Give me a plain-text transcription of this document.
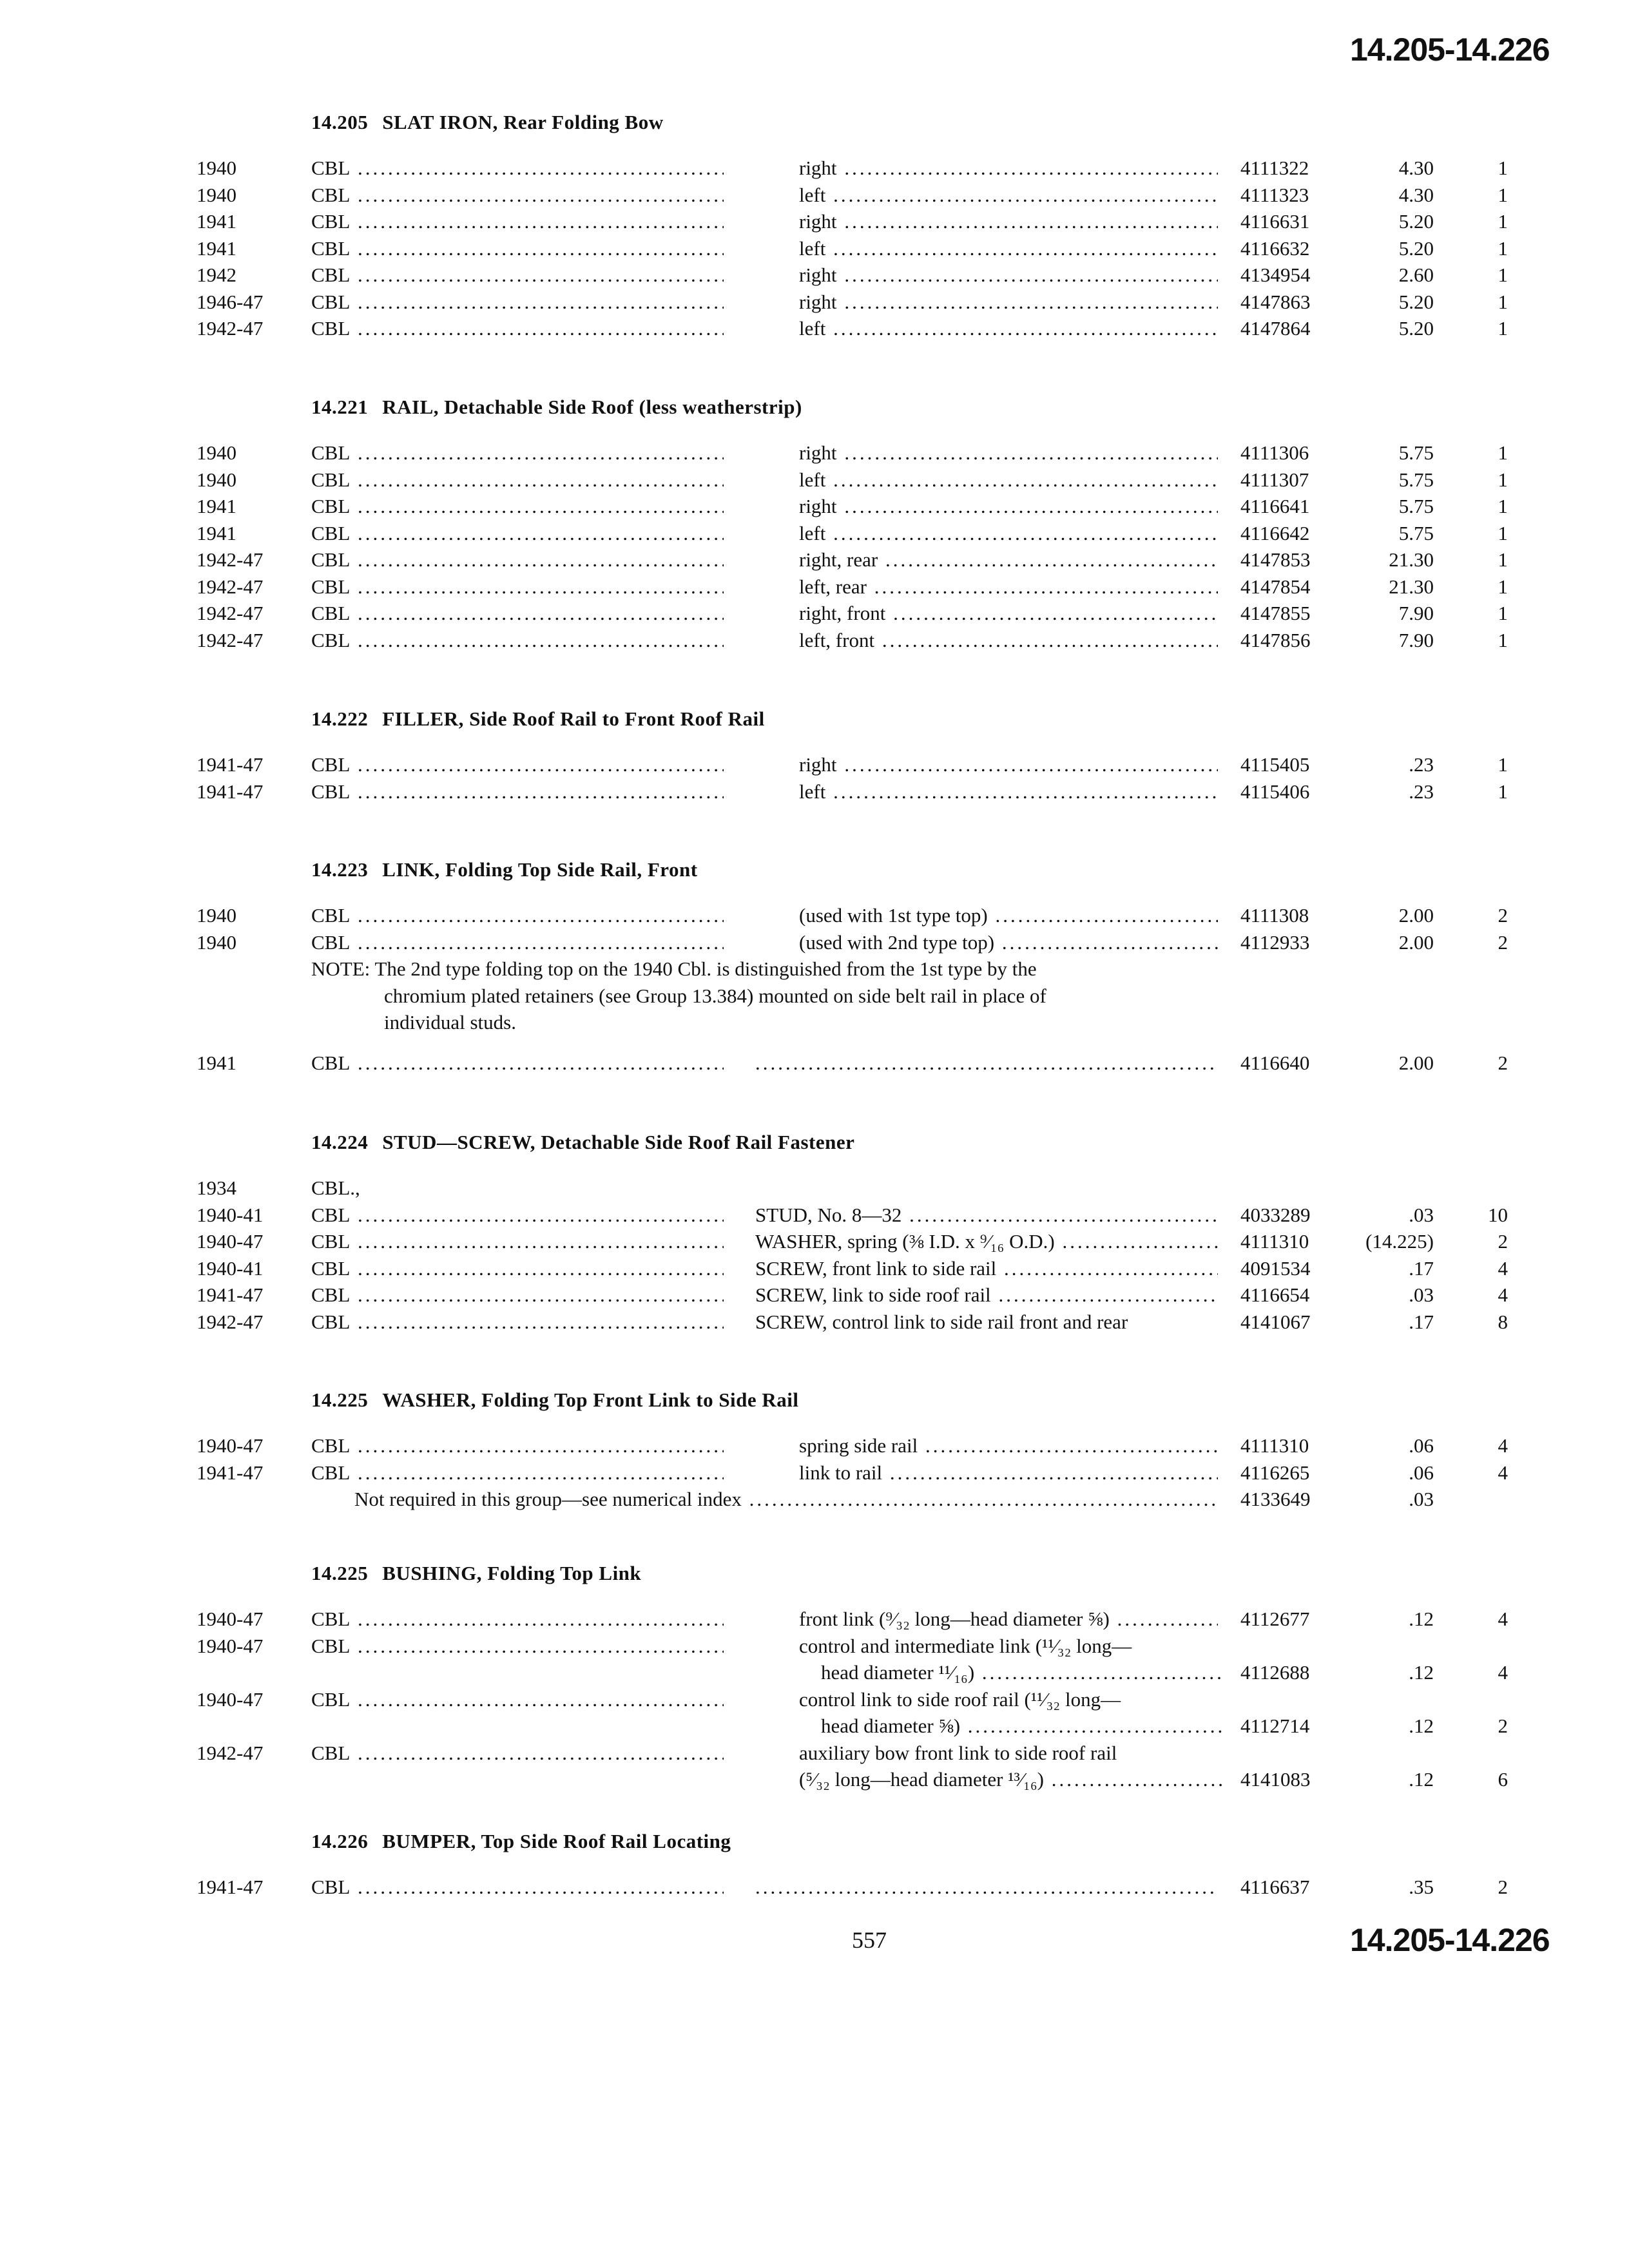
14.205-14.226
14.205 SLAT IRON, Rear Folding Bow
1940	CBL .....	right .....	4111322	4.30	1
1940	CBL .....	left .....	4111323	4.30	1
1941	CBL .....	right .....	4116631	5.20	1
1941	CBL .....	left .....	4116632	5.20	1
1942	CBL .....	right .....	4134954	2.60	1
1946-47 CBL .....	right .....	4147863	5.20	1
1942-47 CBL .....	left .....	4147864	5.20	1
14.221 RAIL, Detachable Side Roof (less weatherstrip)
1940	CBL .....	right .....	4111306	5.75	1
1940	CBL .....	left .....	4111307	5.75	1
1941	CBL .....	right .....	4116641	5.75	1
1941	CBL .....	left .....	4116642	5.75	1
1942-47 CBL .....	right, rear .....	4147853	21.30	1
1942-47 CBL .....	left, rear .....	4147854	21.30	1
1942-47 CBL .....	right, front .....	4147855	7.90	1
1942-47 CBL .....	left, front .....	4147856	7.90	1
14.222 FILLER, Side Roof Rail to Front Roof Rail
1941-47 CBL .....	right .....	4115405	.23	1
1941-47 CBL .....	left .....	4115406	.23	1
14.223 LINK, Folding Top Side Rail, Front
1940	CBL .....	(used with 1st type top) .....	4111308	2.00	2
1940	CBL .....	(used with 2nd type top) .....	4112933	2.00	2
NOTE: The 2nd type folding top on the 1940 Cbl. is distinguished from the 1st type by the
chromium plated retainers (see Group 13.384) mounted on side belt rail in place of
individual studs.
1941	CBL ..... .....	4116640	2.00	2
14.224 STUD—SCREW, Detachable Side Roof Rail Fastener
1934	CBL.,
1940-41 CBL .....	STUD, No. 8—32 .....	4033289	.03	10
1940-47 CBL .....	WASHER, spring (⅜ I.D. x ⁹⁄₁₆ O.D.) .....	4111310	(14.225)	2
1940-41 CBL .....	SCREW, front link to side rail .....	4091534	.17	4
1941-47 CBL .....	SCREW, link to side roof rail .....	4116654	.03	4
1942-47 CBL .....	SCREW, control link to side rail front and rear	4141067	.17	8
14.225 WASHER, Folding Top Front Link to Side Rail
1940-47 CBL .....	spring side rail .....	4111310	.06	4
1941-47 CBL .....	link to rail .....	4116265	.06	4
Not required in this group—see numerical index .....	4133649	.03
14.225 BUSHING, Folding Top Link
1940-47 CBL .....	front link (⁹⁄₃₂ long—head diameter ⅝) .....	4112677	.12	4
1940-47 CBL .....	control and intermediate link (¹¹⁄₃₂ long—
head diameter ¹¹⁄₁₆) .....	4112688	.12	4
1940-47 CBL .....	control link to side roof rail (¹¹⁄₃₂ long—
head diameter ⅝) .....	4112714	.12	2
1942-47 CBL .....	auxiliary bow front link to side roof rail
(⁵⁄₃₂ long—head diameter ¹³⁄₁₆) .....	4141083	.12	6
14.226 BUMPER, Top Side Roof Rail Locating
1941-47 CBL ..... .....	4116637	.35	2
557	14.205-14.226
